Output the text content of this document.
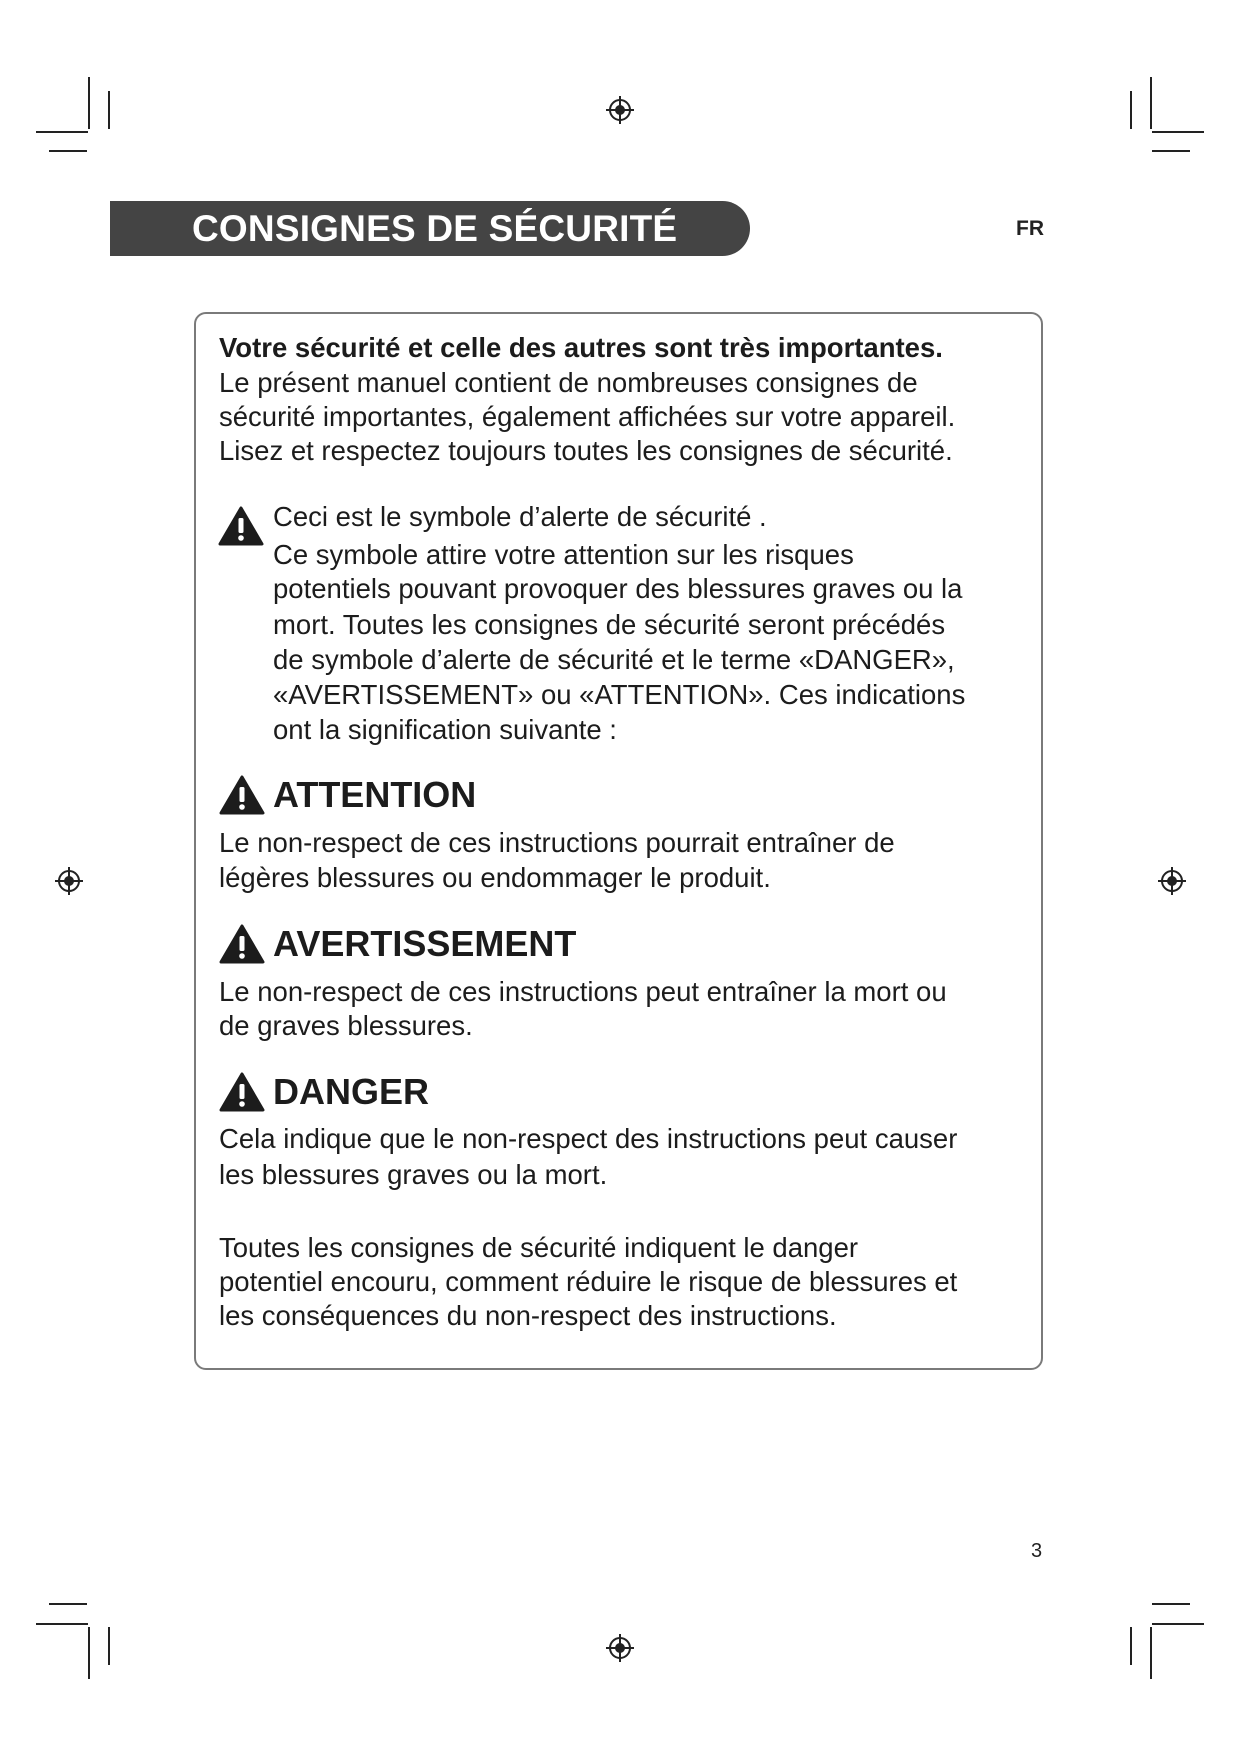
CONSIGNES DE SÉCURITÉ	FR
Votre sécurité et celle des autres sont très importantes.
Le présent manuel contient de nombreuses consignes de
sécurité importantes, également affichées sur votre appareil.
Lisez et respectez toujours toutes les consignes de sécurité.
Ceci est le symbole d’alerte de sécurité .
Ce symbole attire votre attention sur les risques
potentiels pouvant provoquer des blessures graves ou la
mort. Toutes les consignes de sécurité seront précédés
de symbole d’alerte de sécurité et le terme «DANGER»,
«AVERTISSEMENT» ou «ATTENTION». Ces indications
ont la signification suivante :
ATTENTION
Le non-respect de ces instructions pourrait entraîner de
légères blessures ou endommager le produit.
AVERTISSEMENT
Le non-respect de ces instructions peut entraîner la mort ou
de graves blessures.
DANGER
Cela indique que le non-respect des instructions peut causer
les blessures graves ou la mort.
Toutes les consignes de sécurité indiquent le danger
potentiel encouru, comment réduire le risque de blessures et
les conséquences du non-respect des instructions.
3
